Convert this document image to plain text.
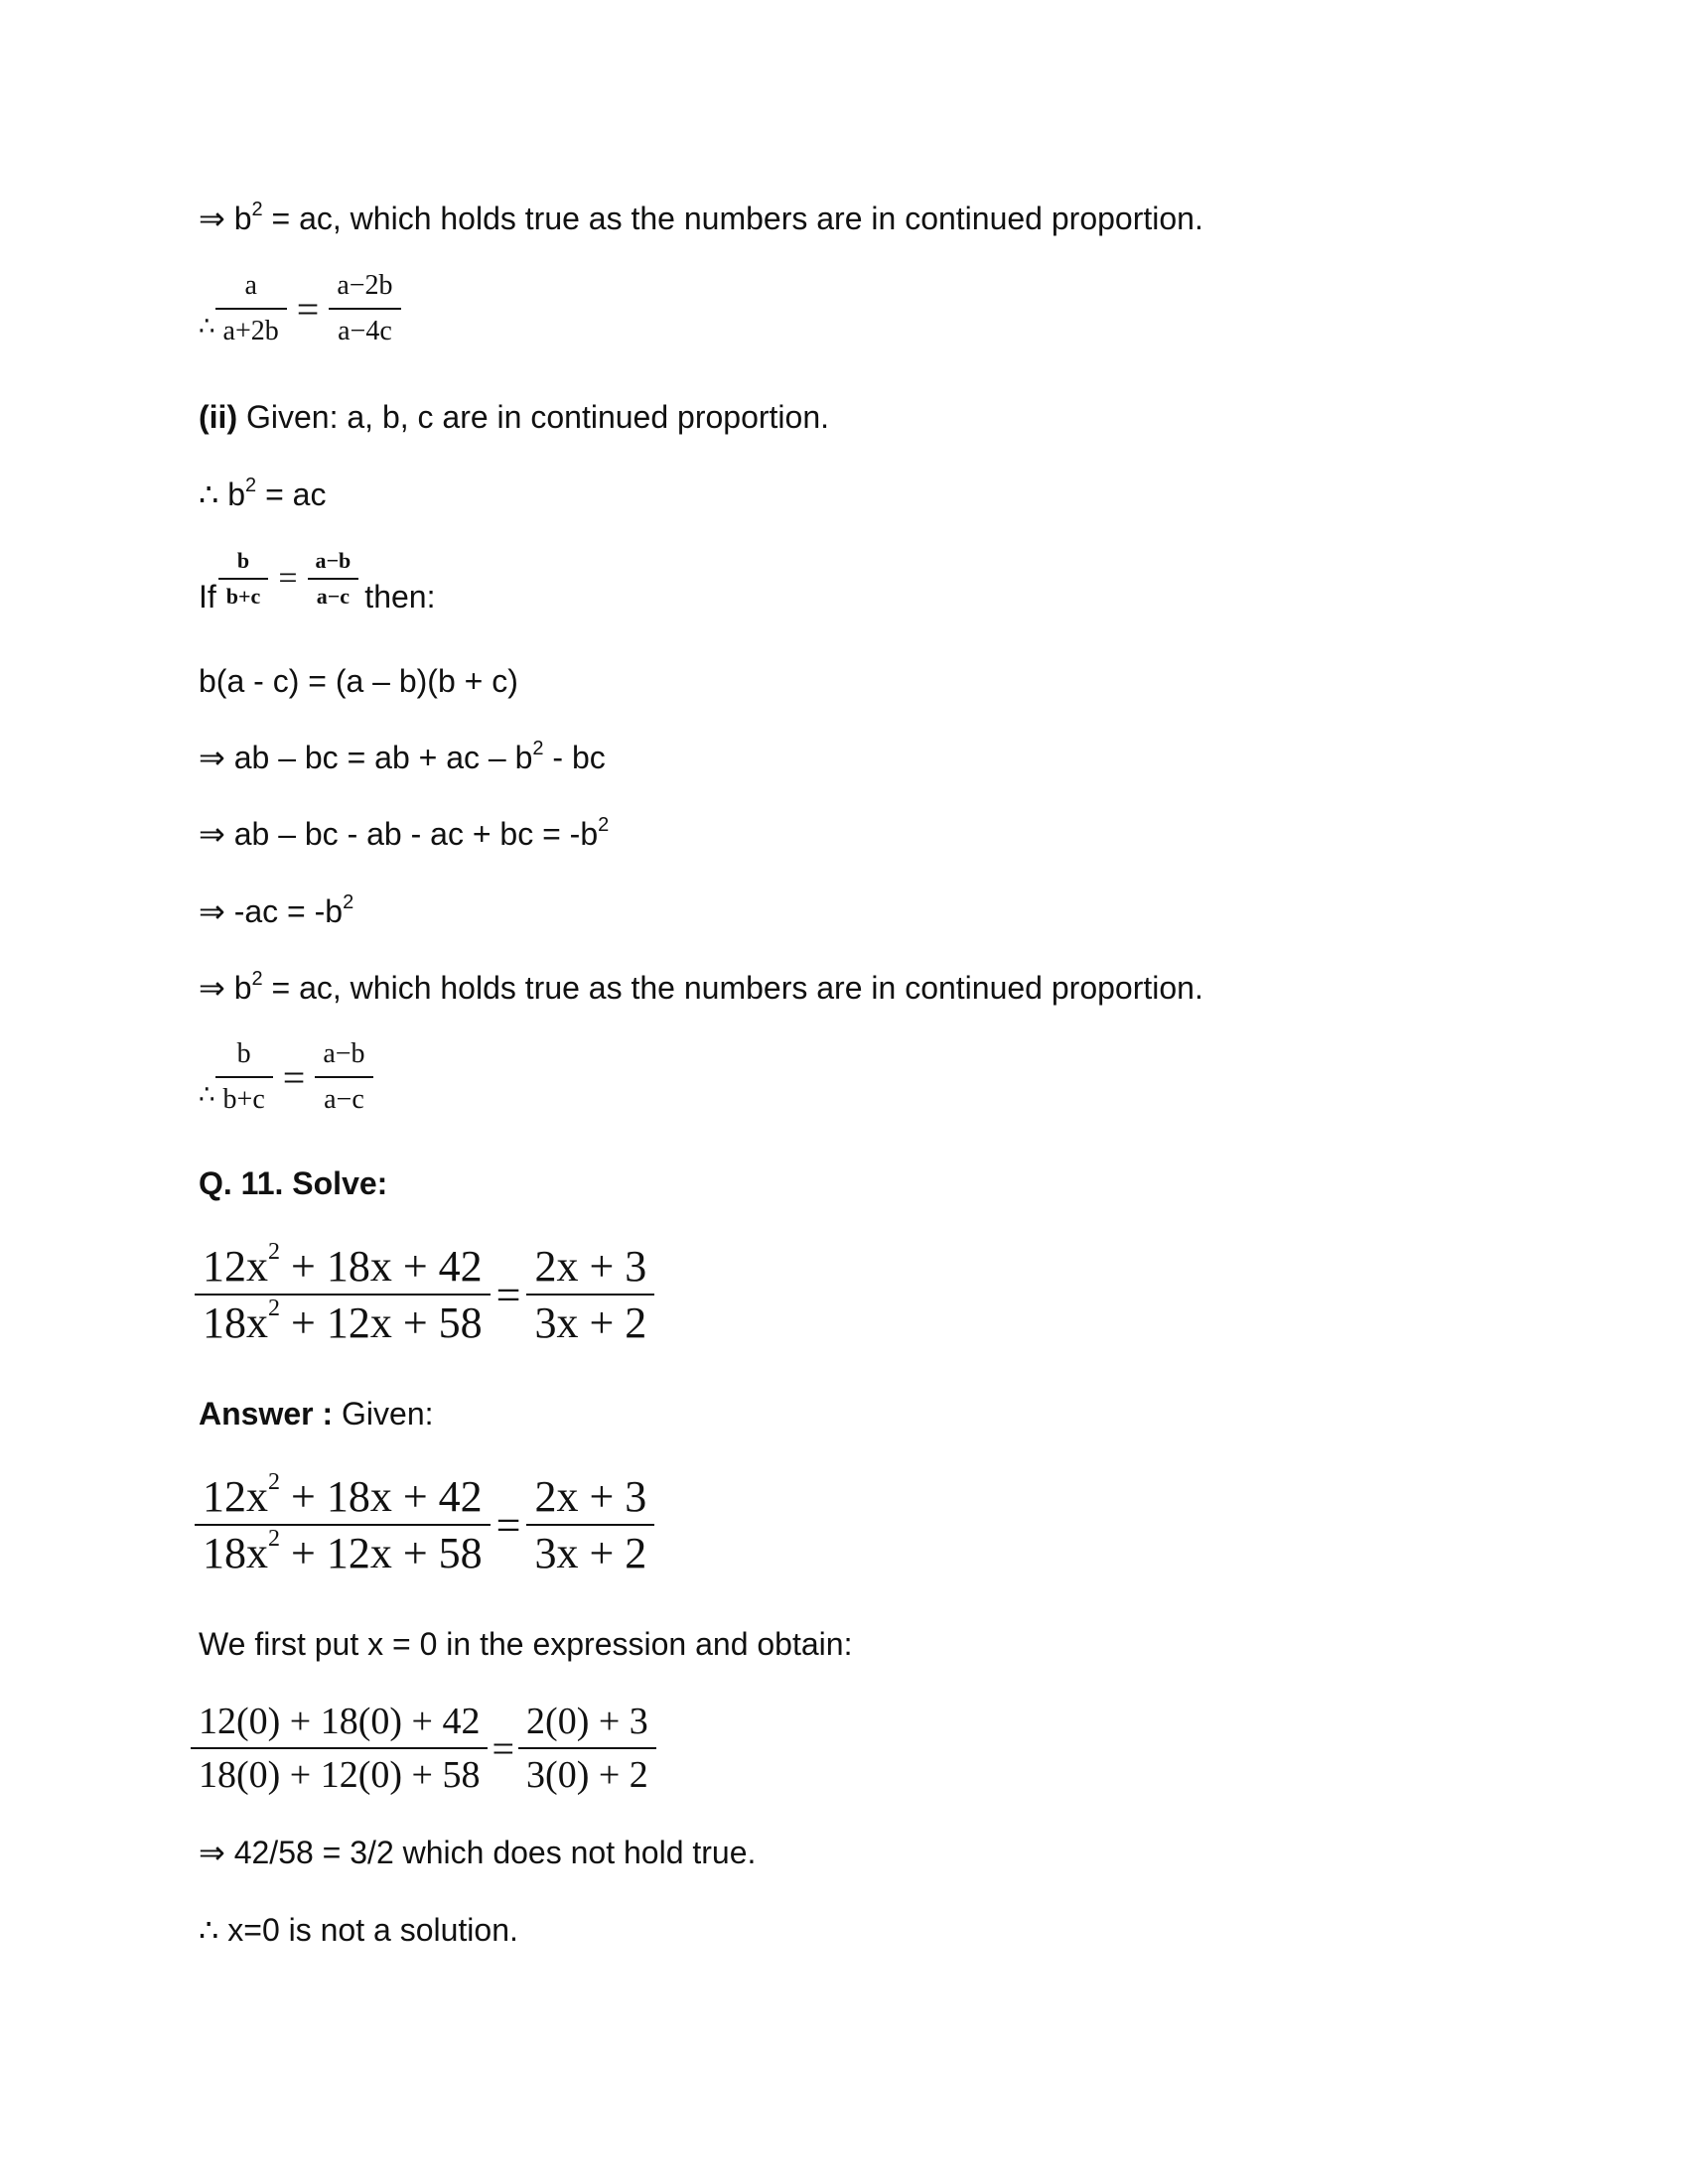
⇒ $b^2$ = ac, which holds true as the numbers are in continued proportion.
∴ $\frac{a}{a+2b} = \frac{a-2b}{a-4c}$
(ii) Given: a, b, c are in continued proportion.
∴ $b^2$ = ac
If $\frac{b}{b+c} = \frac{a-b}{a-c}$ then:
b(a - c) = (a – b)(b + c)
⇒ ab – bc = ab + ac – $b^2$ - bc
⇒ ab – bc - ab - ac + bc = $-b^2$
⇒ $-ac = -b^2$
⇒ $b^2$ = ac, which holds true as the numbers are in continued proportion.
∴ $\frac{b}{b+c} = \frac{a-b}{a-c}$
Q. 11. Solve:
$\frac{12x^2 + 18x + 42}{18x^2 + 12x + 58} = \frac{2x + 3}{3x + 2}$
Answer : Given:
$\frac{12x^2 + 18x + 42}{18x^2 + 12x + 58} = \frac{2x + 3}{3x + 2}$
We first put x = 0 in the expression and obtain:
$\frac{12(0) + 18(0) + 42}{18(0) + 12(0) + 58} = \frac{2(0) + 3}{3(0) + 2}$
⇒ 42/58 = 3/2 which does not hold true.
∴ x=0 is not a solution.
